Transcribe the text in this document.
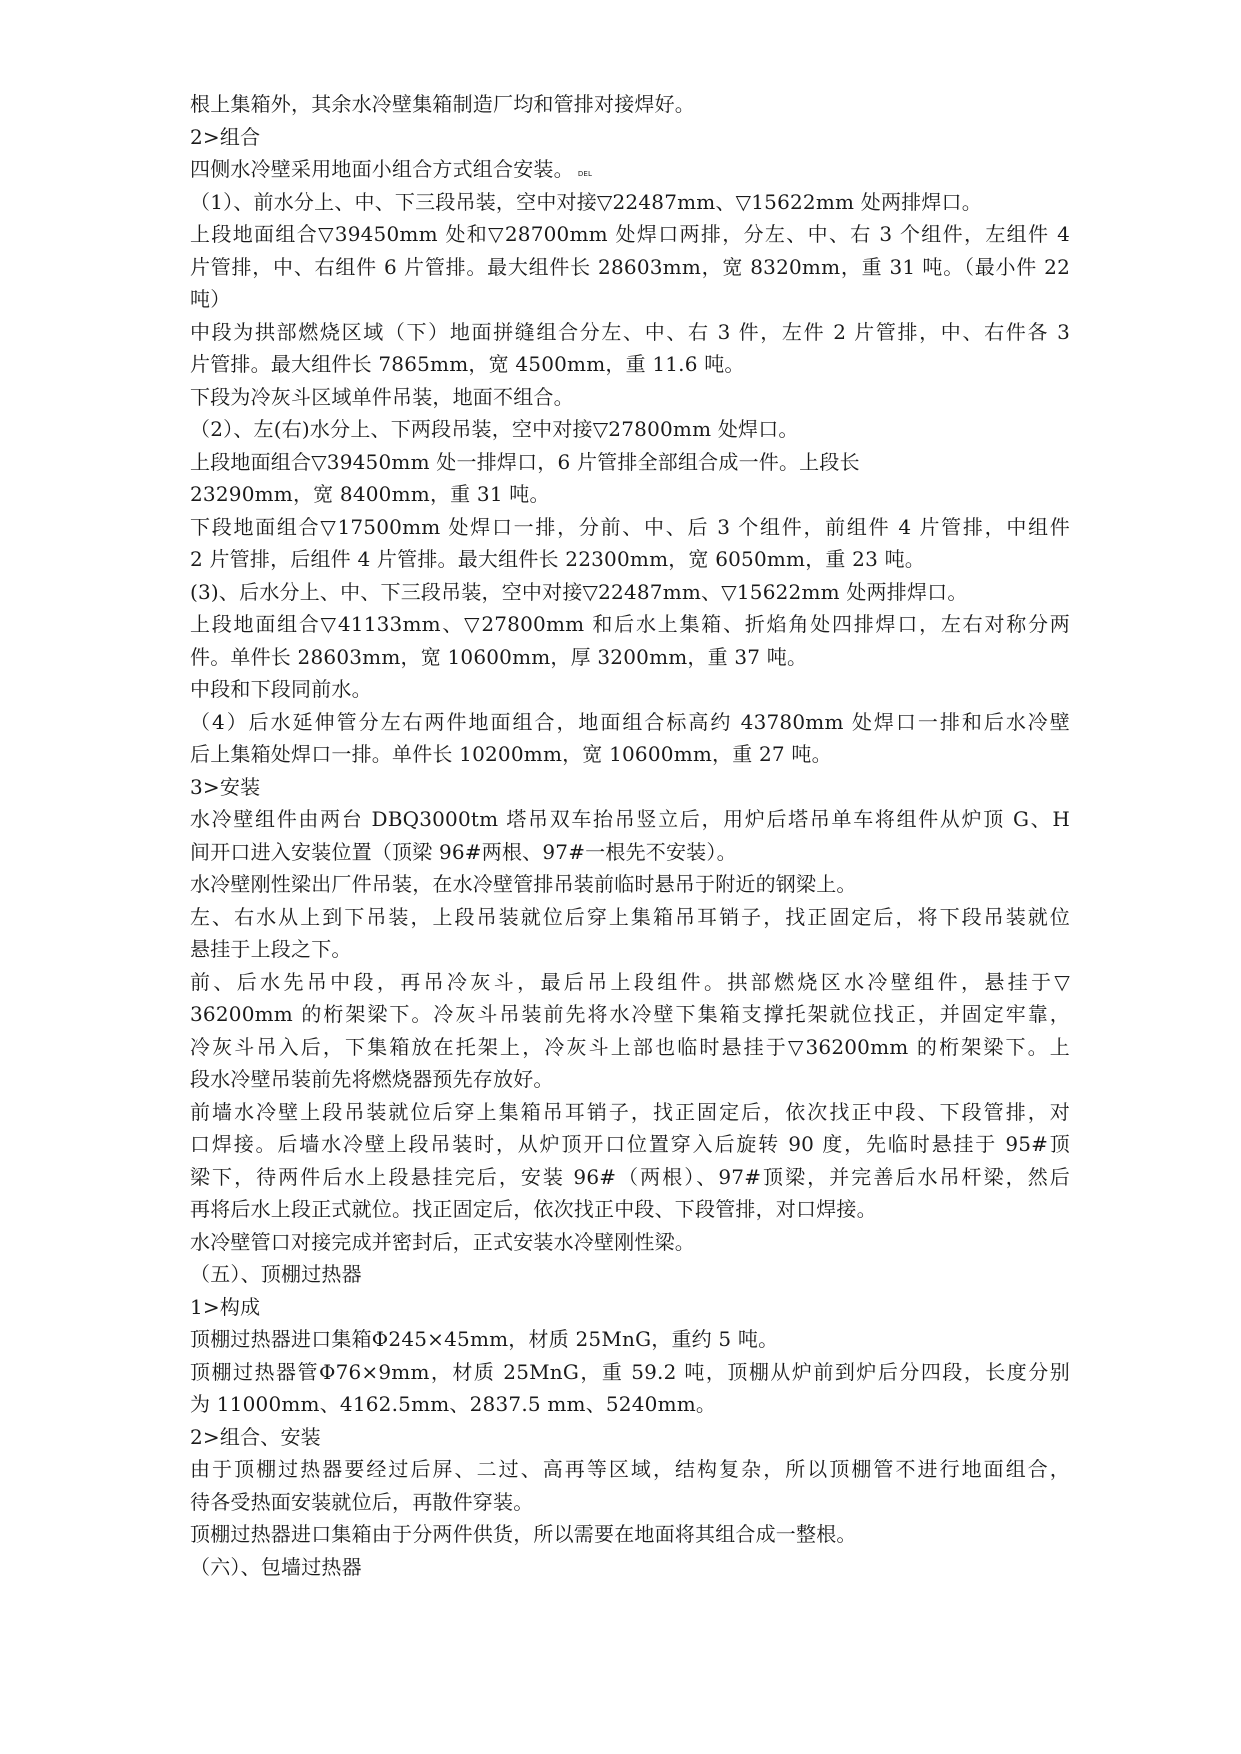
根上集箱外，其余水冷壁集箱制造厂均和管排对接焊好。
2>组合
四侧水冷壁采用地面小组合方式组合安装。 DEL
（1）、前水分上、中、下三段吊装，空中对接▽22487mm、▽15622mm 处两排焊口。
上段地面组合▽39450mm 处和▽28700mm 处焊口两排，分左、中、右 3 个组件，左组件 4
片管排，中、右组件 6 片管排。最大组件长 28603mm，宽 8320mm，重 31 吨。（最小件 22
吨）
中段为拱部燃烧区域（下）地面拼缝组合分左、中、右 3 件，左件 2 片管排，中、右件各 3
片管排。最大组件长 7865mm，宽 4500mm，重 11.6 吨。
下段为冷灰斗区域单件吊装，地面不组合。
（2）、左(右)水分上、下两段吊装，空中对接▽27800mm 处焊口。
上段地面组合▽39450mm 处一排焊口，6 片管排全部组合成一件。上段长
23290mm，宽 8400mm，重 31 吨。
下段地面组合▽17500mm 处焊口一排，分前、中、后 3 个组件，前组件 4 片管排，中组件
2 片管排，后组件 4 片管排。最大组件长 22300mm，宽 6050mm，重 23 吨。
(3)、后水分上、中、下三段吊装，空中对接▽22487mm、▽15622mm 处两排焊口。
上段地面组合▽41133mm、▽27800mm 和后水上集箱、折焰角处四排焊口，左右对称分两
件。单件长 28603mm，宽 10600mm，厚 3200mm，重 37 吨。
中段和下段同前水。
（4）后水延伸管分左右两件地面组合，地面组合标高约 43780mm 处焊口一排和后水冷壁
后上集箱处焊口一排。单件长 10200mm，宽 10600mm，重 27 吨。
3>安装
水冷壁组件由两台 DBQ3000tm 塔吊双车抬吊竖立后，用炉后塔吊单车将组件从炉顶 G、H
间开口进入安装位置（顶梁 96#两根、97#一根先不安装）。
水冷壁刚性梁出厂件吊装，在水冷壁管排吊装前临时悬吊于附近的钢梁上。
左、右水从上到下吊装，上段吊装就位后穿上集箱吊耳销子，找正固定后，将下段吊装就位
悬挂于上段之下。
前、后水先吊中段，再吊冷灰斗，最后吊上段组件。拱部燃烧区水冷壁组件，悬挂于▽
36200mm 的桁架梁下。冷灰斗吊装前先将水冷壁下集箱支撑托架就位找正，并固定牢靠，
冷灰斗吊入后，下集箱放在托架上，冷灰斗上部也临时悬挂于▽36200mm 的桁架梁下。上
段水冷壁吊装前先将燃烧器预先存放好。
前墙水冷壁上段吊装就位后穿上集箱吊耳销子，找正固定后，依次找正中段、下段管排，对
口焊接。后墙水冷壁上段吊装时，从炉顶开口位置穿入后旋转 90 度，先临时悬挂于 95#顶
梁下，待两件后水上段悬挂完后，安装 96#（两根）、97#顶梁，并完善后水吊杆梁，然后
再将后水上段正式就位。找正固定后，依次找正中段、下段管排，对口焊接。
水冷壁管口对接完成并密封后，正式安装水冷壁刚性梁。
（五）、顶棚过热器
1>构成
顶棚过热器进口集箱Φ245×45mm，材质 25MnG，重约 5 吨。
顶棚过热器管Φ76×9mm，材质 25MnG，重 59.2 吨，顶棚从炉前到炉后分四段，长度分别
为 11000mm、4162.5mm、2837.5 mm、5240mm。
2>组合、安装
由于顶棚过热器要经过后屏、二过、高再等区域，结构复杂，所以顶棚管不进行地面组合，
待各受热面安装就位后，再散件穿装。
顶棚过热器进口集箱由于分两件供货，所以需要在地面将其组合成一整根。
（六）、包墙过热器
